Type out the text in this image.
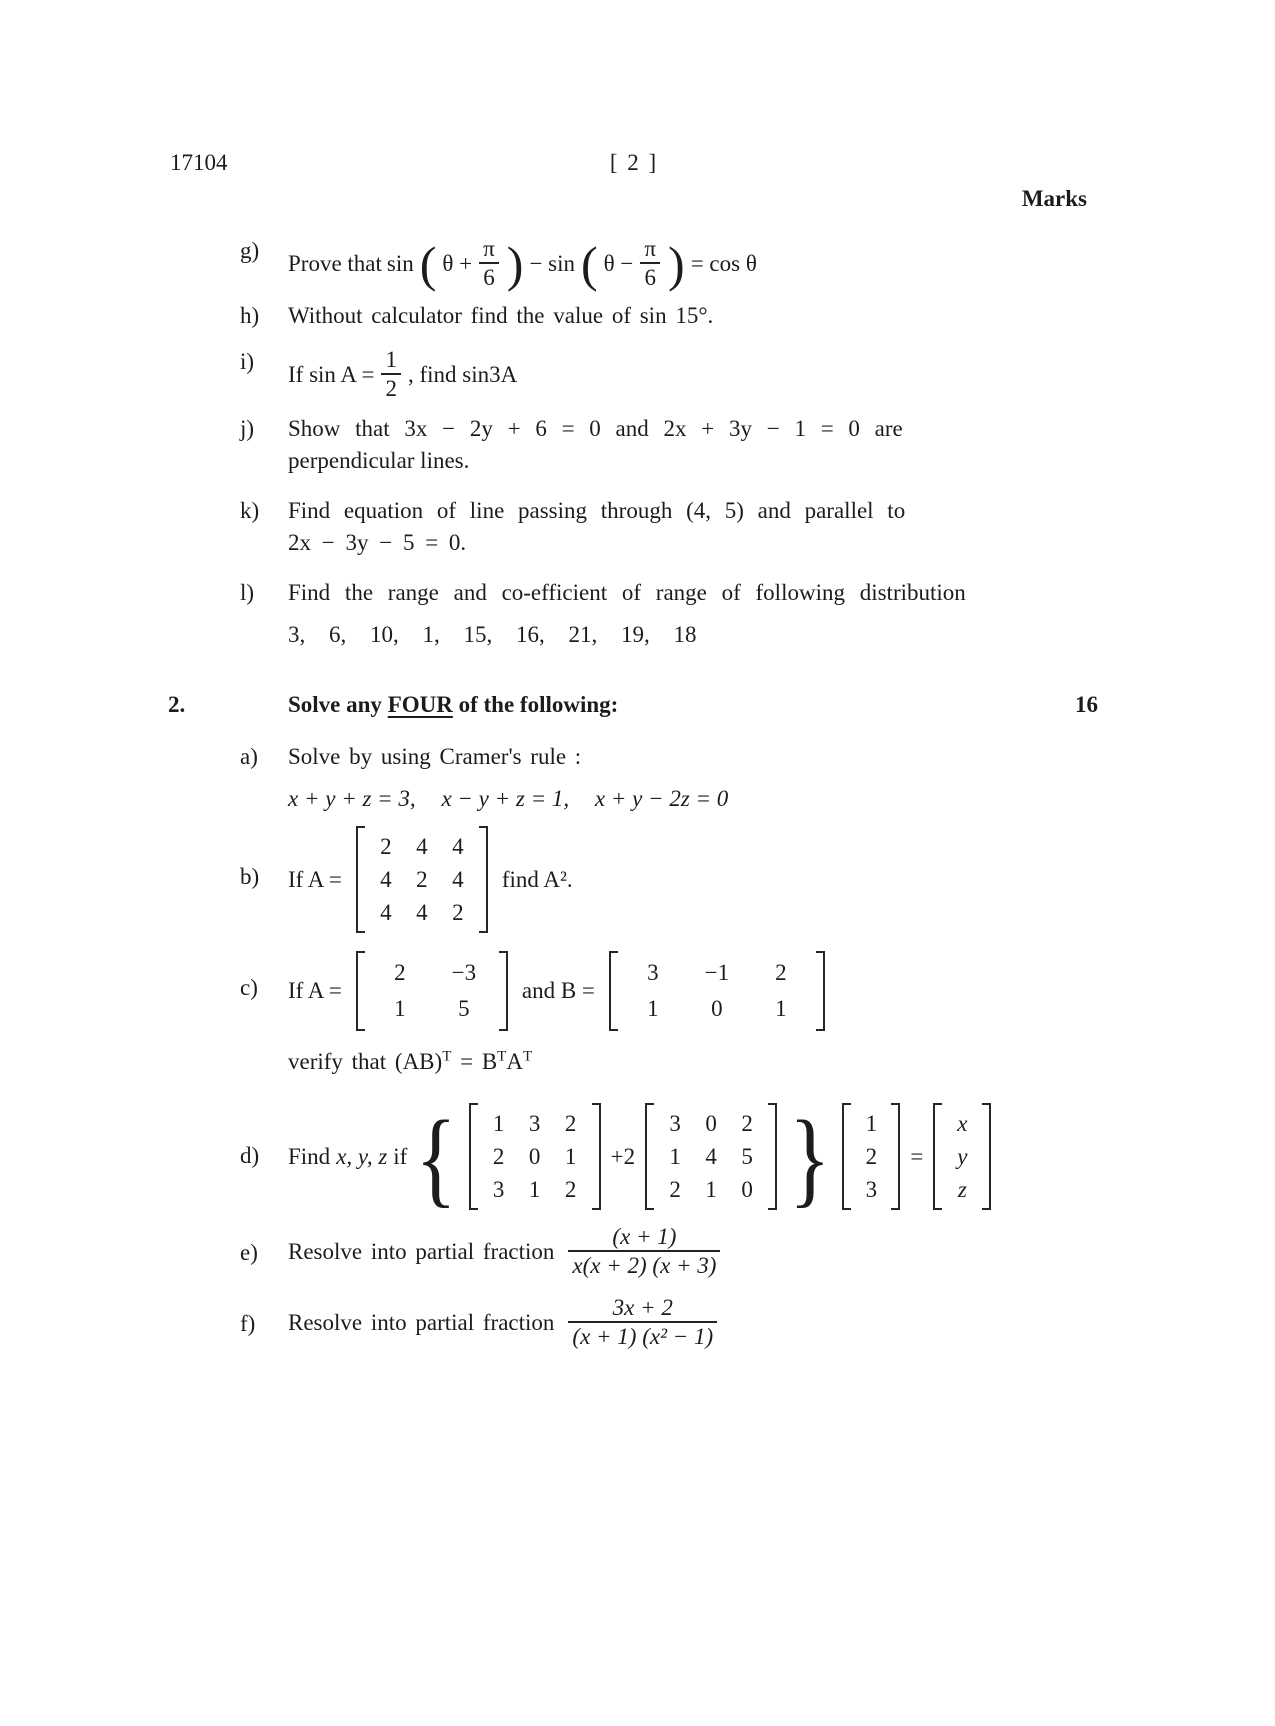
17104	[ 2 ]
Marks
g)	Prove that sin ( $\theta + \frac{\pi}{6}$ ) − sin ( $\theta - \frac{\pi}{6}$ ) = cos θ
h)	Without calculator find the value of sin 15°.
i)	If $\sin A = \frac{1}{2}$ , find sin3A
j)	Show that 3x − 2y + 6 = 0 and 2x + 3y − 1 = 0 are
perpendicular lines.
k)	Find equation of line passing through (4, 5) and parallel to
2x − 3y − 5 = 0.
l)	Find the range and co-efficient of range of following distribution
3, 6, 10, 1, 15, 16, 21, 19, 18
2.	Solve any FOUR of the following:	16
a)	Solve by using Cramer's rule :
x + y + z = 3, x − y + z = 1, x + y − 2z = 0
b)	If A =
2	4	4
4	2	4
4	4	2
find A².
c)	If A =
2	−3
1	5
and B =
3	−1	2
1	0	1
verify that $(AB)^T = B^TA^T$
d)	Find x, y, z if {	1	3	2
2	0	1
3	1	2
+2
3	0	2
1	4	5
2	1	0 }	1
2
3
=
x
y
z
e)	Resolve into partial fraction $\frac{(x + 1)}{x(x + 2) (x + 3)}$
f)	Resolve into partial fraction $\frac{3x + 2}{\text{(x + 1) (x² − 1)}}$
